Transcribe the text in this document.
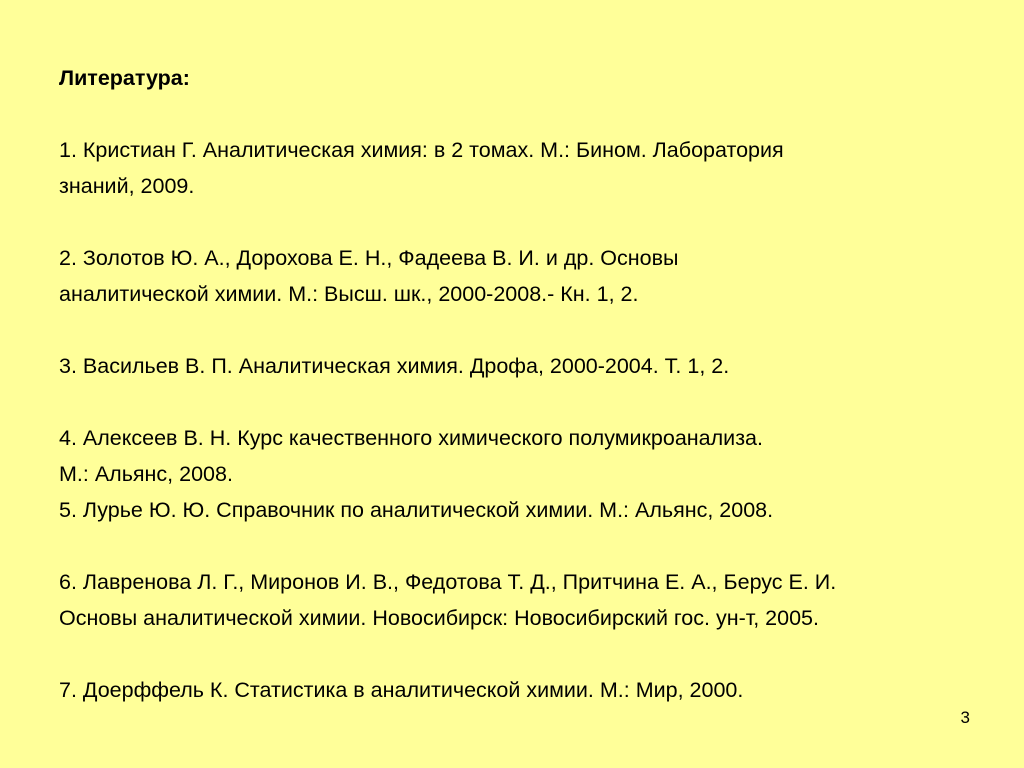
Литература:
1. Кристиан Г. Аналитическая химия: в 2 томах. М.: Бином. Лаборатория
знаний, 2009.
2. Золотов Ю. А., Дорохова Е. Н., Фадеева В. И. и др. Основы
аналитической химии. М.: Высш. шк., 2000-2008.- Кн. 1, 2.
3. Васильев В. П. Аналитическая химия. Дрофа, 2000-2004. Т. 1, 2.
4. Алексеев В. Н. Курс качественного химического полумикроанализа.
М.: Альянс, 2008.
5. Лурье Ю. Ю. Справочник по аналитической химии. М.: Альянс, 2008.
6. Лавренова Л. Г., Миронов И. В., Федотова Т. Д., Притчина Е. А., Берус Е. И.
Основы аналитической химии. Новосибирск: Новосибирский гос. ун-т, 2005.
7. Доерффель К. Статистика в аналитической химии. М.: Мир, 2000.
3
